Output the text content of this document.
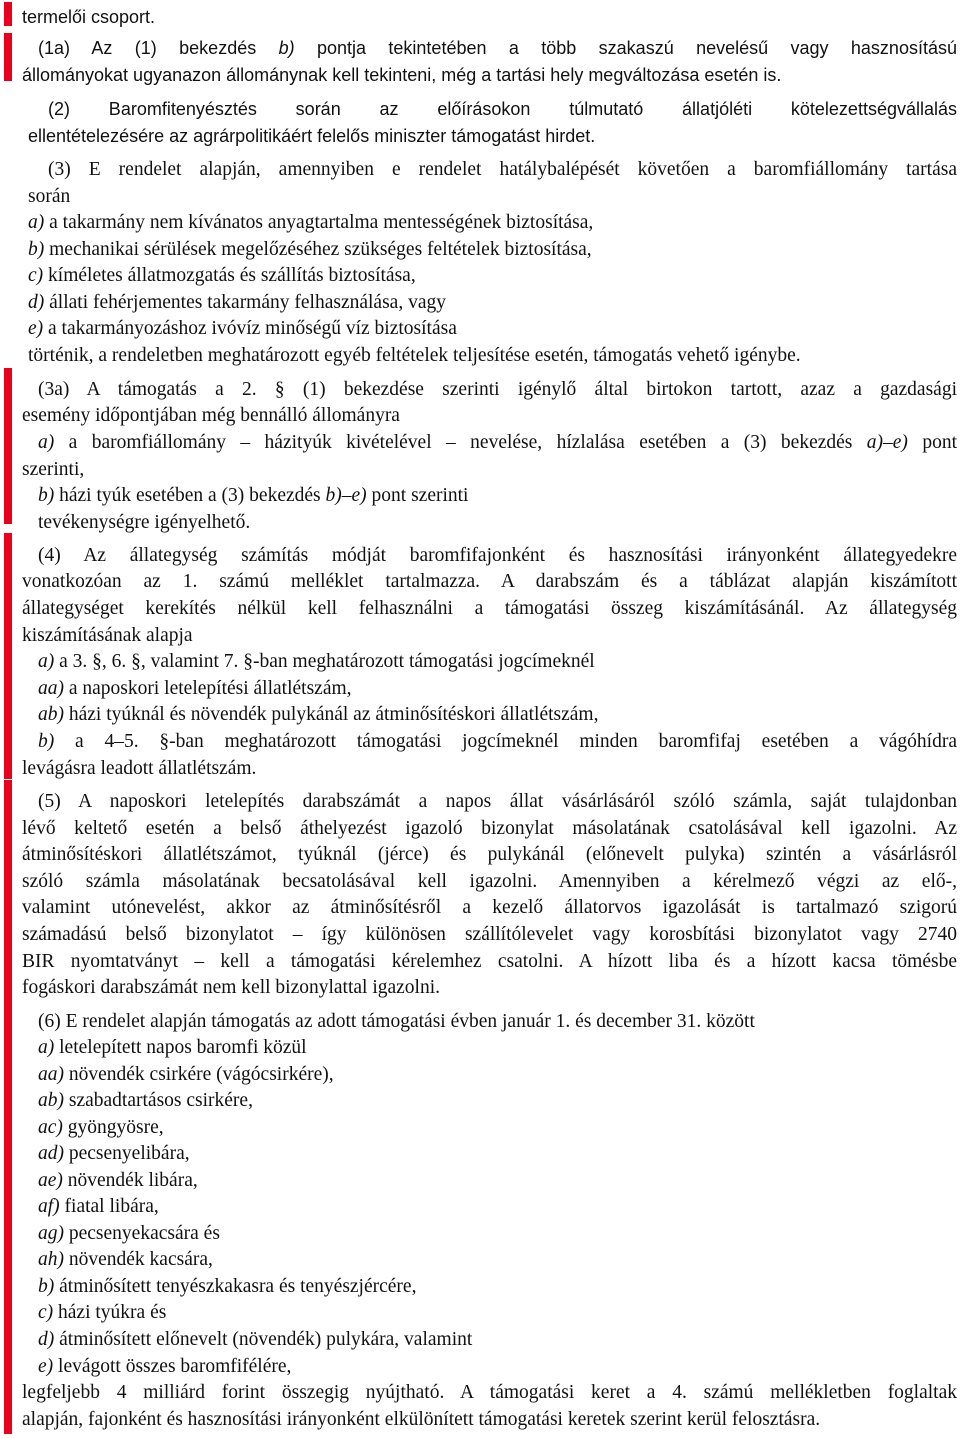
termelői csoport.
(1a) Az (1) bekezdés b) pontja tekintetében a több szakaszú nevelésű vagy hasznosítású
állományokat ugyanazon állománynak kell tekinteni, még a tartási hely megváltozása esetén is.
(2) Baromfitenyésztés során az előírásokon túlmutató állatjóléti kötelezettségvállalás
ellentételezésére az agrárpolitikáért felelős miniszter támogatást hirdet.
(3) E rendelet alapján, amennyiben e rendelet hatálybalépését követően a baromfiállomány tartása
során
a) a takarmány nem kívánatos anyagtartalma mentességének biztosítása,
b) mechanikai sérülések megelőzéséhez szükséges feltételek biztosítása,
c) kíméletes állatmozgatás és szállítás biztosítása,
d) állati fehérjementes takarmány felhasználása, vagy
e) a takarmányozáshoz ivóvíz minőségű víz biztosítása
történik, a rendeletben meghatározott egyéb feltételek teljesítése esetén, támogatás vehető igénybe.
(3a) A támogatás a 2. § (1) bekezdése szerinti igénylő által birtokon tartott, azaz a gazdasági
esemény időpontjában még bennálló állományra
a) a baromfiállomány – házityúk kivételével – nevelése, hízlalása esetében a (3) bekezdés a)–e) pont
szerinti,
b) házi tyúk esetében a (3) bekezdés b)–e) pont szerinti
tevékenységre igényelhető.
(4) Az állategység számítás módját baromfifajonként és hasznosítási irányonként állategyedekre
vonatkozóan az 1. számú melléklet tartalmazza. A darabszám és a táblázat alapján kiszámított
állategységet kerekítés nélkül kell felhasználni a támogatási összeg kiszámításánál. Az állategység
kiszámításának alapja
a) a 3. §, 6. §, valamint 7. §-ban meghatározott támogatási jogcímeknél
aa) a naposkori letelepítési állatlétszám,
ab) házi tyúknál és növendék pulykánál az átminősítéskori állatlétszám,
b) a 4–5. §-ban meghatározott támogatási jogcímeknél minden baromfifaj esetében a vágóhídra
levágásra leadott állatlétszám.
(5) A naposkori letelepítés darabszámát a napos állat vásárlásáról szóló számla, saját tulajdonban
lévő keltető esetén a belső áthelyezést igazoló bizonylat másolatának csatolásával kell igazolni. Az
átminősítéskori állatlétszámot, tyúknál (jérce) és pulykánál (előnevelt pulyka) szintén a vásárlásról
szóló számla másolatának becsatolásával kell igazolni. Amennyiben a kérelmező végzi az elő-,
valamint utónevelést, akkor az átminősítésről a kezelő állatorvos igazolását is tartalmazó szigorú
számadású belső bizonylatot – így különösen szállítólevelet vagy korosbítási bizonylatot vagy 2740
BIR nyomtatványt – kell a támogatási kérelemhez csatolni. A hízott liba és a hízott kacsa tömésbe
fogáskori darabszámát nem kell bizonylattal igazolni.
(6) E rendelet alapján támogatás az adott támogatási évben január 1. és december 31. között
a) letelepített napos baromfi közül
aa) növendék csirkére (vágócsirkére),
ab) szabadtartásos csirkére,
ac) gyöngyösre,
ad) pecsenyelibára,
ae) növendék libára,
af) fiatal libára,
ag) pecsenyekacsára és
ah) növendék kacsára,
b) átminősített tenyészkakasra és tenyészjércére,
c) házi tyúkra és
d) átminősített előnevelt (növendék) pulykára, valamint
e) levágott összes baromfifélére,
legfeljebb 4 milliárd forint összegig nyújtható. A támogatási keret a 4. számú mellékletben foglaltak
alapján, fajonként és hasznosítási irányonként elkülönített támogatási keretek szerint kerül felosztásra.
